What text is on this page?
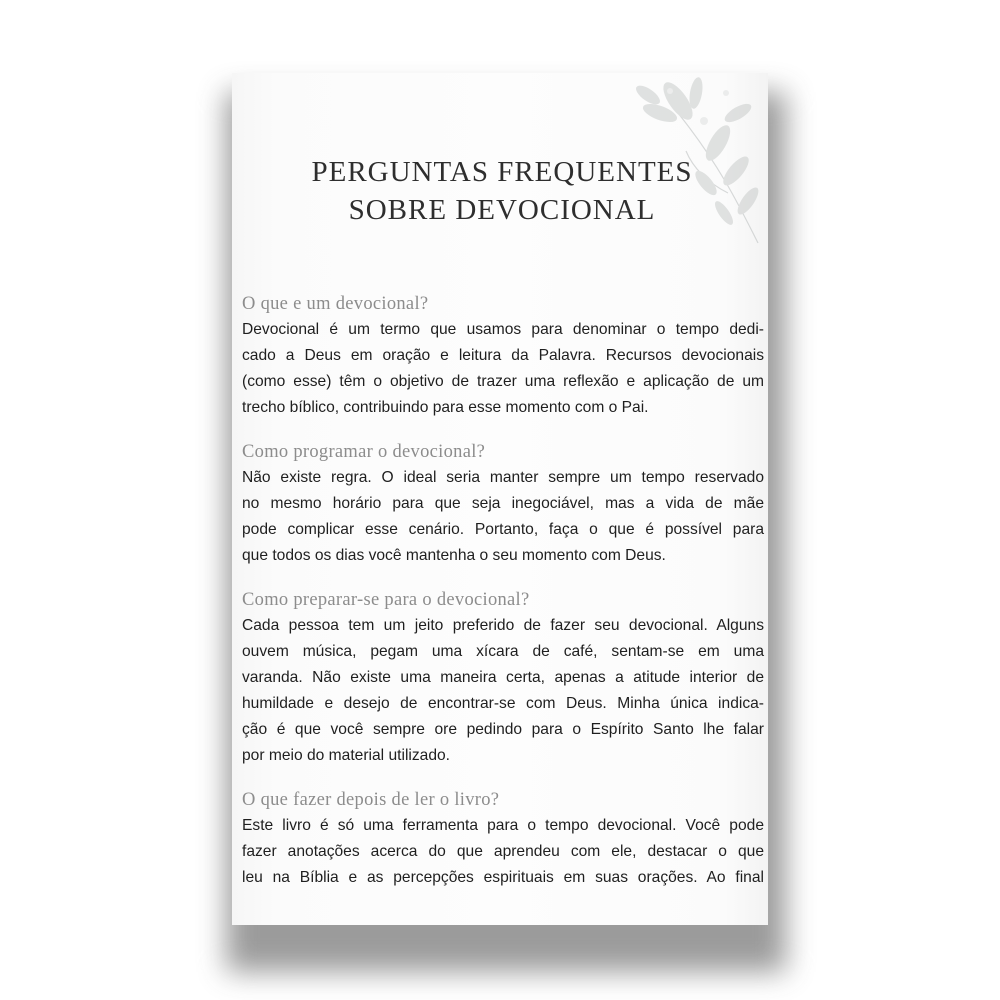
PERGUNTAS FREQUENTES
SOBRE DEVOCIONAL

O que e um devocional?

Devocional é um termo que usamos para denominar o tempo dedi-
cado a Deus em oração e leitura da Palavra. Recursos devocionais
(como esse) têm o objetivo de trazer uma reflexão e aplicação de um
trecho bíblico, contribuindo para esse momento com o Pai.

Como programar o devocional?

Não existe regra. O ideal seria manter sempre um tempo reservado
no mesmo horário para que seja inegociável, mas a vida de mãe
pode complicar esse cenário. Portanto, faça o que é possível para
que todos os dias você mantenha o seu momento com Deus.

Como preparar-se para o devocional?

Cada pessoa tem um jeito preferido de fazer seu devocional. Alguns
ouvem música, pegam uma xícara de café, sentam-se em uma
varanda. Não existe uma maneira certa, apenas a atitude interior de
humildade e desejo de encontrar-se com Deus. Minha única indica-
ção é que você sempre ore pedindo para o Espírito Santo lhe falar
por meio do material utilizado.

O que fazer depois de ler o livro?

Este livro é só uma ferramenta para o tempo devocional. Você pode
fazer anotações acerca do que aprendeu com ele, destacar o que
leu na Bíblia e as percepções espirituais em suas orações. Ao final
